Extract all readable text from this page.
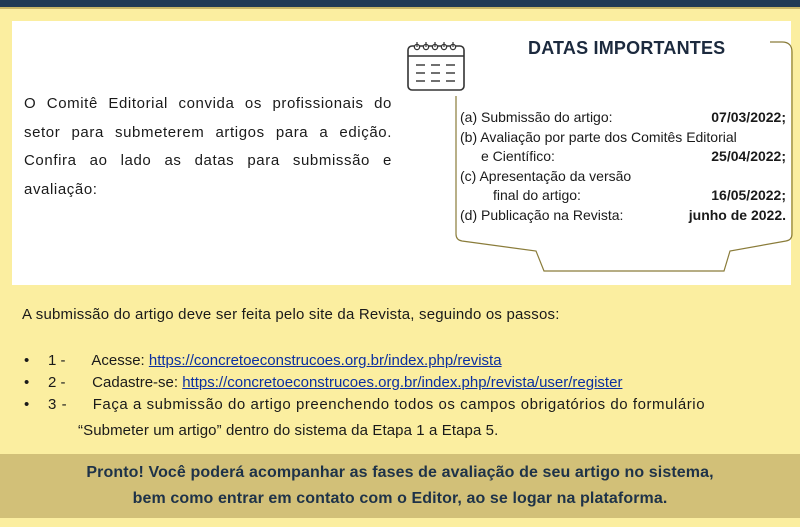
O Comitê Editorial convida os profissionais do setor para submeterem artigos para a edição. Confira ao lado as datas para submissão e avaliação:

DATAS IMPORTANTES
(a) Submissão do artigo:	07/03/2022;
(b) Avaliação por parte dos Comitês Editorial
e Científico:	25/04/2022;
(c) Apresentação da versão
final do artigo:	16/05/2022;
(d) Publicação na Revista:	junho de 2022.

A submissão do artigo deve ser feita pelo site da Revista, seguindo os passos:

• 1 - Acesse: https://concretoeconstrucoes.org.br/index.php/revista
• 2 - Cadastre-se: https://concretoeconstrucoes.org.br/index.php/revista/user/register
• 3 - Faça a submissão do artigo preenchendo todos os campos obrigatórios do formulário

“Submeter um artigo” dentro do sistema da Etapa 1 a Etapa 5.

Pronto! Você poderá acompanhar as fases de avaliação de seu artigo no sistema,

bem como entrar em contato com o Editor, ao se logar na plataforma.
